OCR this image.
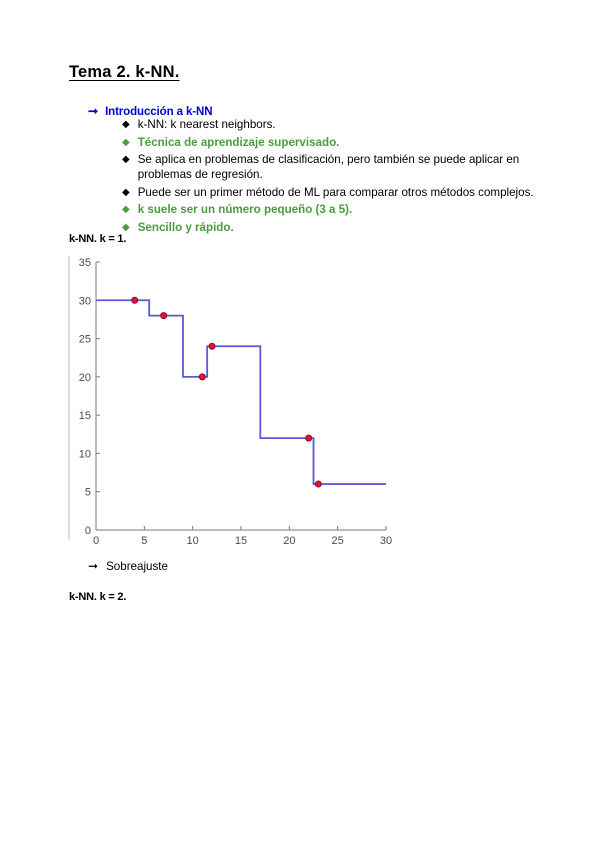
Tema 2. k-NN.
➞ Introducción a k-NN
◆ k-NN: k nearest neighbors.
◆ Técnica de aprendizaje supervisado.
◆ Se aplica en problemas de clasificación, pero también se puede aplicar en problemas de regresión.
◆ Puede ser un primer método de ML para comparar otros métodos complejos.
◆ k suele ser un número pequeño (3 a 5).
◆ Sencillo y rápido.
k-NN. k = 1.
0
5
10
15
20
25
30
35
0	5	10	15	20	25	30
➞ Sobreajuste
k-NN. k = 2.
